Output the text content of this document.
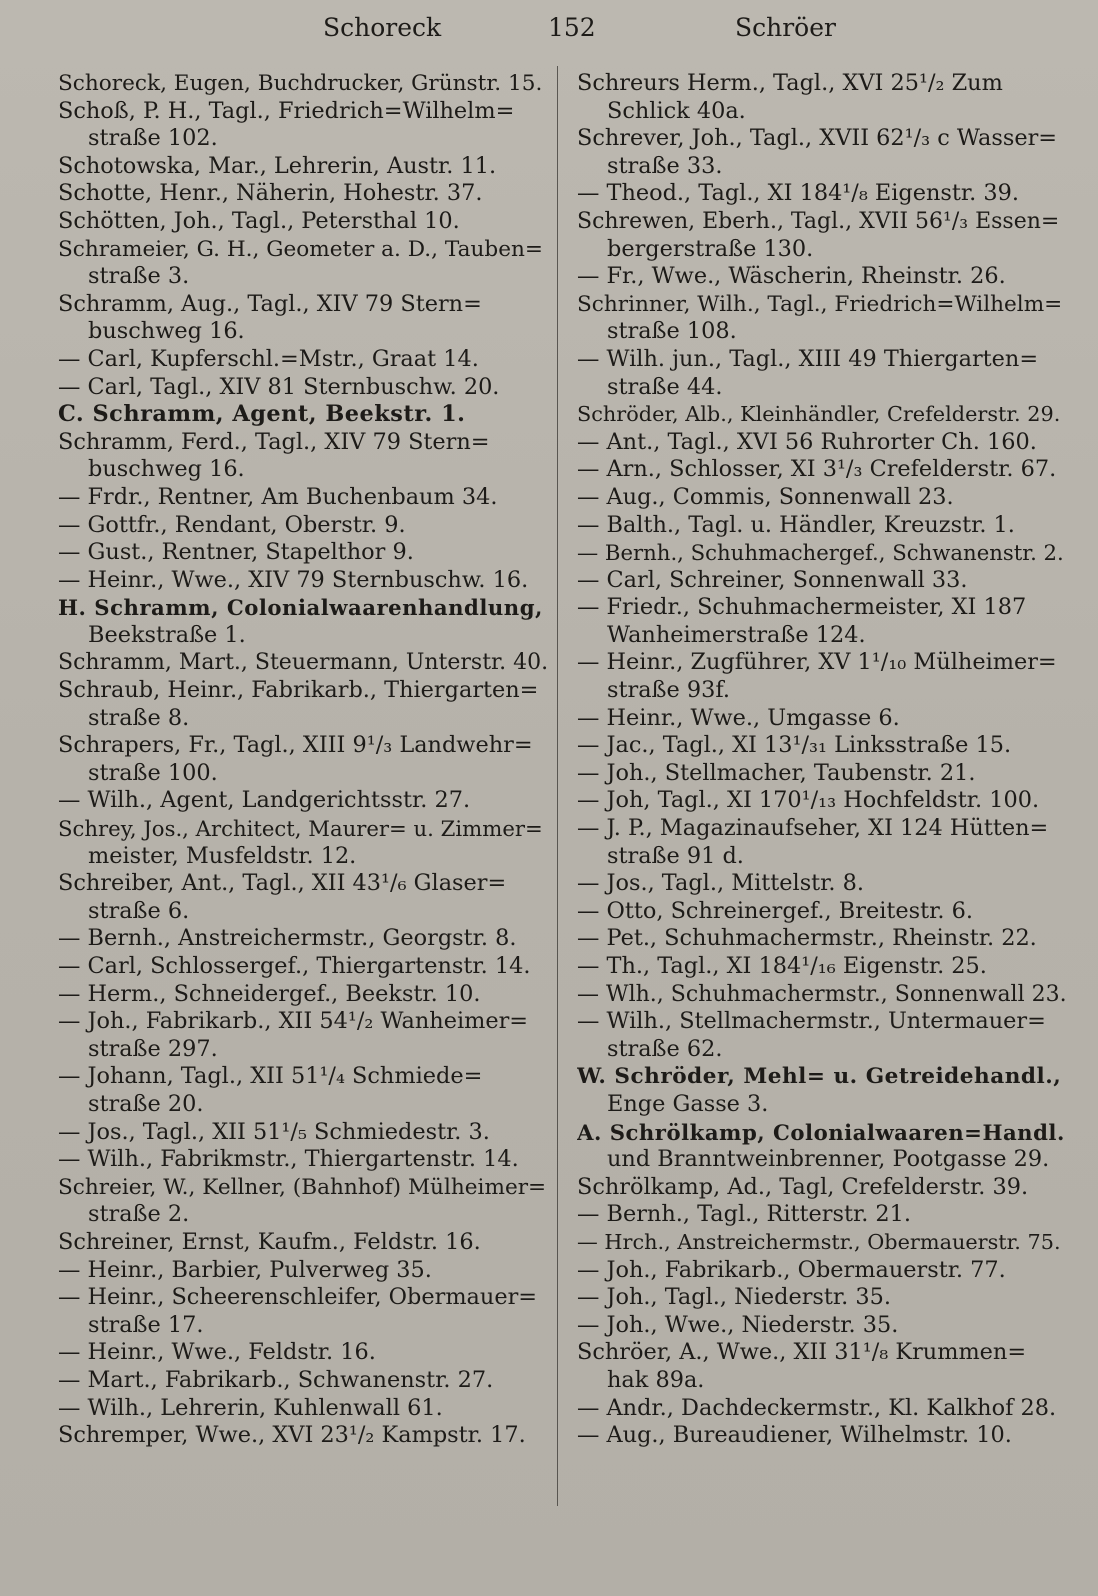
Schoreck	152	Schröer
Schoreck, Eugen, Buchdrucker, Grünstr. 15.
Schoß, P. H., Tagl., Friedrich=Wilhelm=
straße 102.
Schotowska, Mar., Lehrerin, Austr. 11.
Schotte, Henr., Näherin, Hohestr. 37.
Schötten, Joh., Tagl., Petersthal 10.
Schrameier, G. H., Geometer a. D., Tauben=
straße 3.
Schramm, Aug., Tagl., XIV 79 Stern=
buschweg 16.
— Carl, Kupferschl.=Mstr., Graat 14.
— Carl, Tagl., XIV 81 Sternbuschw. 20.
C. Schramm, Agent, Beekstr. 1.
Schramm, Ferd., Tagl., XIV 79 Stern=
buschweg 16.
— Frdr., Rentner, Am Buchenbaum 34.
— Gottfr., Rendant, Oberstr. 9.
— Gust., Rentner, Stapelthor 9.
— Heinr., Wwe., XIV 79 Sternbuschw. 16.
H. Schramm, Colonialwaarenhandlung,
Beekstraße 1.
Schramm, Mart., Steuermann, Unterstr. 40.
Schraub, Heinr., Fabrikarb., Thiergarten=
straße 8.
Schrapers, Fr., Tagl., XIII 9¹/₃ Landwehr=
straße 100.
— Wilh., Agent, Landgerichtsstr. 27.
Schrey, Jos., Architect, Maurer= u. Zimmer=
meister, Musfeldstr. 12.
Schreiber, Ant., Tagl., XII 43¹/₆ Glaser=
straße 6.
— Bernh., Anstreichermstr., Georgstr. 8.
— Carl, Schlossergef., Thiergartenstr. 14.
— Herm., Schneidergef., Beekstr. 10.
— Joh., Fabrikarb., XII 54¹/₂ Wanheimer=
straße 297.
— Johann, Tagl., XII 51¹/₄ Schmiede=
straße 20.
— Jos., Tagl., XII 51¹/₅ Schmiedestr. 3.
— Wilh., Fabrikmstr., Thiergartenstr. 14.
Schreier, W., Kellner, (Bahnhof) Mülheimer=
straße 2.
Schreiner, Ernst, Kaufm., Feldstr. 16.
— Heinr., Barbier, Pulverweg 35.
— Heinr., Scheerenschleifer, Obermauer=
straße 17.
— Heinr., Wwe., Feldstr. 16.
— Mart., Fabrikarb., Schwanenstr. 27.
— Wilh., Lehrerin, Kuhlenwall 61.
Schremper, Wwe., XVI 23¹/₂ Kampstr. 17.
Schreurs Herm., Tagl., XVI 25¹/₂ Zum
Schlick 40a.
Schrever, Joh., Tagl., XVII 62¹/₃ c Wasser=
straße 33.
— Theod., Tagl., XI 184¹/₈ Eigenstr. 39.
Schrewen, Eberh., Tagl., XVII 56¹/₃ Essen=
bergerstraße 130.
— Fr., Wwe., Wäscherin, Rheinstr. 26.
Schrinner, Wilh., Tagl., Friedrich=Wilhelm=
straße 108.
— Wilh. jun., Tagl., XIII 49 Thiergarten=
straße 44.
Schröder, Alb., Kleinhändler, Crefelderstr. 29.
— Ant., Tagl., XVI 56 Ruhrorter Ch. 160.
— Arn., Schlosser, XI 3¹/₃ Crefelderstr. 67.
— Aug., Commis, Sonnenwall 23.
— Balth., Tagl. u. Händler, Kreuzstr. 1.
— Bernh., Schuhmachergef., Schwanenstr. 2.
— Carl, Schreiner, Sonnenwall 33.
— Friedr., Schuhmachermeister, XI 187
Wanheimerstraße 124.
— Heinr., Zugführer, XV 1¹/₁₀ Mülheimer=
straße 93f.
— Heinr., Wwe., Umgasse 6.
— Jac., Tagl., XI 13¹/₃₁ Linksstraße 15.
— Joh., Stellmacher, Taubenstr. 21.
— Joh, Tagl., XI 170¹/₁₃ Hochfeldstr. 100.
— J. P., Magazinaufseher, XI 124 Hütten=
straße 91 d.
— Jos., Tagl., Mittelstr. 8.
— Otto, Schreinergef., Breitestr. 6.
— Pet., Schuhmachermstr., Rheinstr. 22.
— Th., Tagl., XI 184¹/₁₆ Eigenstr. 25.
— Wlh., Schuhmachermstr., Sonnenwall 23.
— Wilh., Stellmachermstr., Untermauer=
straße 62.
W. Schröder, Mehl= u. Getreidehandl.,
Enge Gasse 3.
A. Schrölkamp, Colonialwaaren=Handl.
und Branntweinbrenner, Pootgasse 29.
Schrölkamp, Ad., Tagl, Crefelderstr. 39.
— Bernh., Tagl., Ritterstr. 21.
— Hrch., Anstreichermstr., Obermauerstr. 75.
— Joh., Fabrikarb., Obermauerstr. 77.
— Joh., Tagl., Niederstr. 35.
— Joh., Wwe., Niederstr. 35.
Schröer, A., Wwe., XII 31¹/₈ Krummen=
hak 89a.
— Andr., Dachdeckermstr., Kl. Kalkhof 28.
— Aug., Bureaudiener, Wilhelmstr. 10.
